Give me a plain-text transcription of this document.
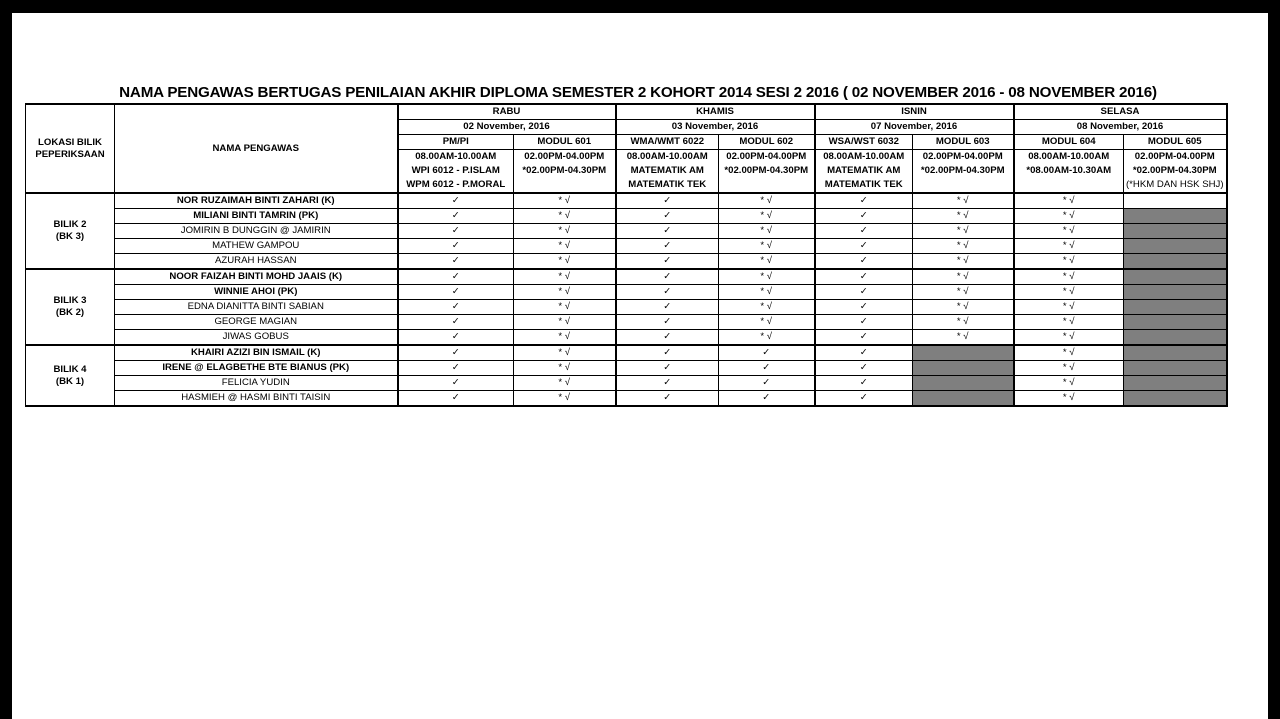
NAMA PENGAWAS BERTUGAS PENILAIAN AKHIR DIPLOMA SEMESTER 2 KOHORT 2014 SESI 2 2016 ( 02 NOVEMBER 2016 - 08 NOVEMBER 2016)
LOKASI BILIK PEPERIKSAAN	NAMA PENGAWAS	RABU		KHAMIS		ISNIN		SELASA	
		02 November, 2016		03 November, 2016		07 November, 2016		08 November, 2016	
		PM/PI	MODUL 601	WMA/WMT 6022	MODUL 602	WSA/WST 6032	MODUL 603	MODUL 604	MODUL 605
		08.00AM-10.00AM	02.00PM-04.00PM	08.00AM-10.00AM	02.00PM-04.00PM	08.00AM-10.00AM	02.00PM-04.00PM	08.00AM-10.00AM	02.00PM-04.00PM
		WPI 6012 - P.ISLAM	*02.00PM-04.30PM	MATEMATIK AM	*02.00PM-04.30PM	MATEMATIK AM	*02.00PM-04.30PM	*08.00AM-10.30AM	*02.00PM-04.30PM
		WPM 6012 - P.MORAL		MATEMATIK TEK		MATEMATIK TEK			(*HKM DAN HSK SHJ)

BILIK 2
(BK 3)	NOR RUZAIMAH BINTI ZAHARI (K)	✓	* √	✓	* √	✓	* √	* √	
	MILIANI BINTI TAMRIN (PK)	✓	* √	✓	* √	✓	* √	* √	
	JOMIRIN B DUNGGIN @ JAMIRIN	✓	* √	✓	* √	✓	* √	* √	
	MATHEW GAMPOU	✓	* √	✓	* √	✓	* √	* √	
	AZURAH HASSAN	✓	* √	✓	* √	✓	* √	* √	

BILIK 3
(BK 2)	NOOR FAIZAH BINTI MOHD JAAIS (K)	✓	* √	✓	* √	✓	* √	* √	
	WINNIE AHOI (PK)	✓	* √	✓	* √	✓	* √	* √	
	EDNA DIANITTA BINTI SABIAN	✓	* √	✓	* √	✓	* √	* √	
	GEORGE MAGIAN	✓	* √	✓	* √	✓	* √	* √	
	JIWAS GOBUS	✓	* √	✓	* √	✓	* √	* √	

BILIK 4
(BK 1)	KHAIRI AZIZI BIN ISMAIL (K)	✓	* √	✓	✓	✓		* √	
	IRENE @ ELAGBETHE BTE BIANUS (PK)	✓	* √	✓	✓	✓		* √	
	FELICIA YUDIN	✓	* √	✓	✓	✓		* √	
	HASMIEH @ HASMI BINTI TAISIN	✓	* √	✓	✓	✓		* √	
